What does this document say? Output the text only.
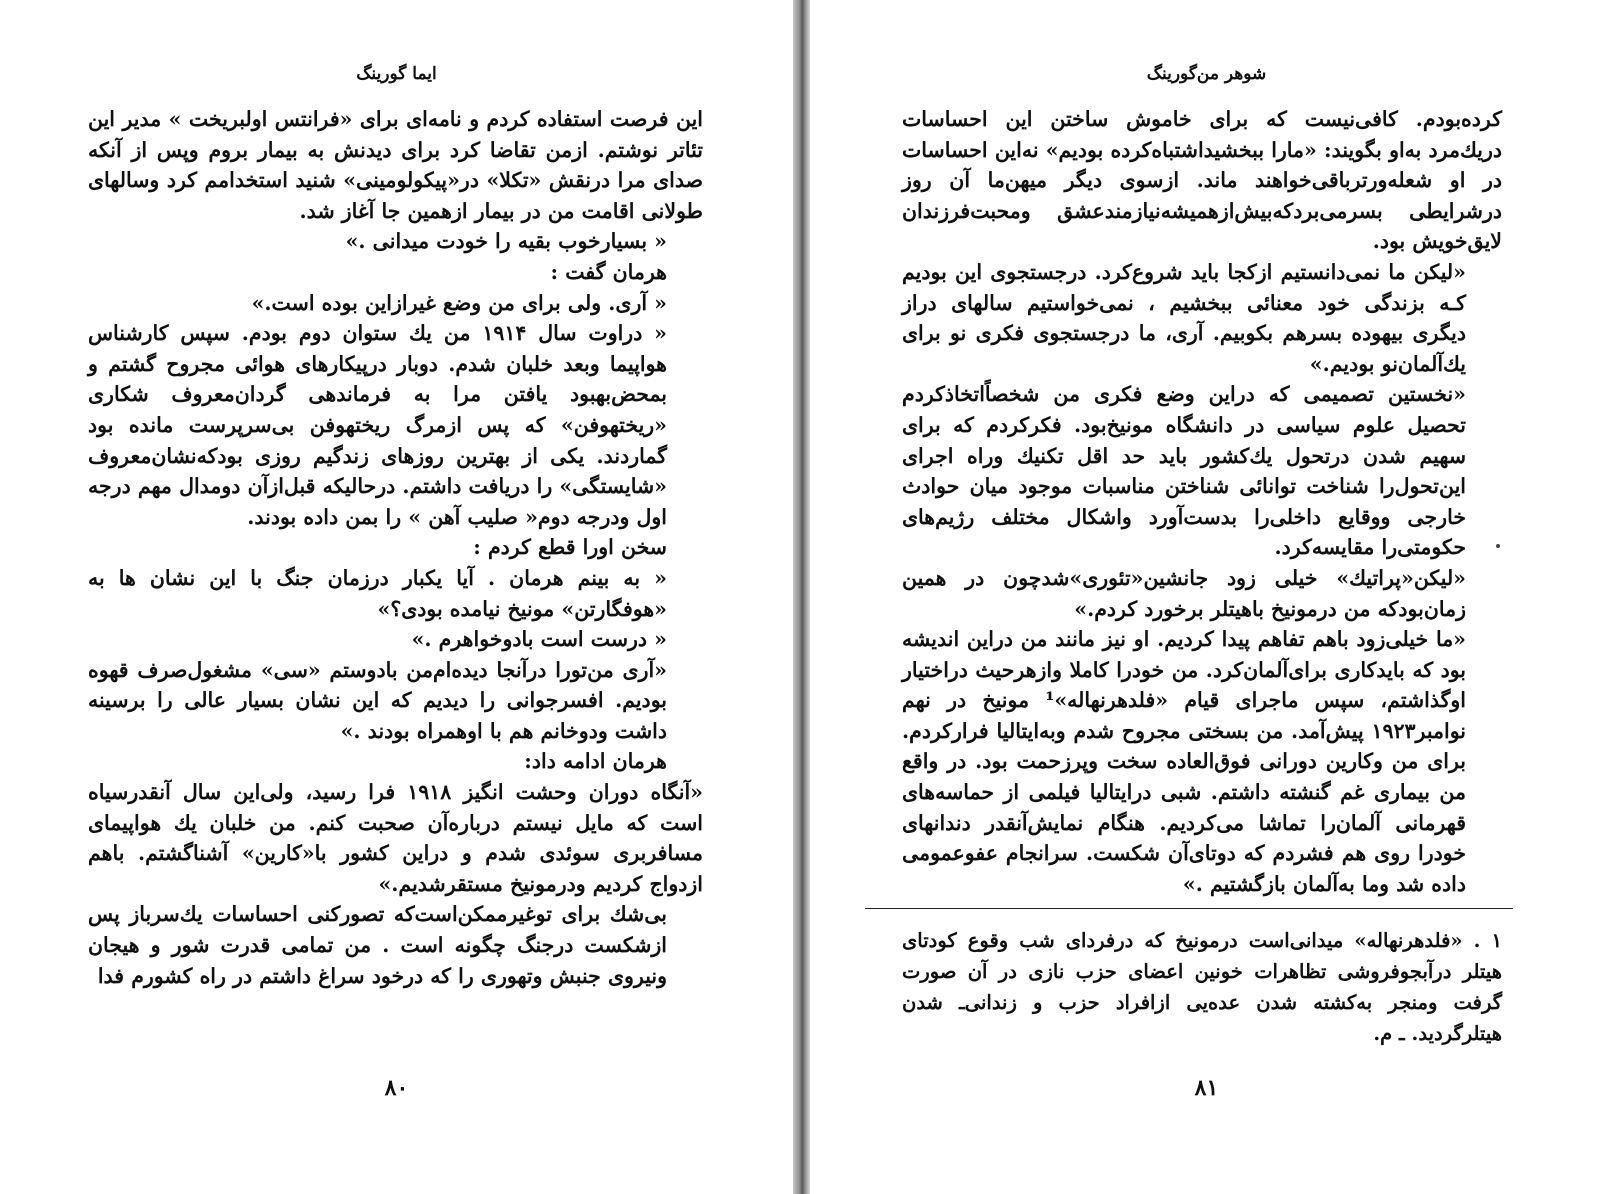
ایما گورینگ

این فرصت استفاده کردم و نامه‌ای برای «فرانتس اولبریخت » مدیر این تئاتر نوشتم. ازمن تقاضا کرد برای دیدنش به بیمار بروم وپس از آنکه صدای مرا درنقش «تکلا» در«پیکولومینی» شنید استخدامم کرد وسالهای طولانی اقامت من در بیمار ازهمین جا آغاز شد.

« بسیارخوب بقیه را خودت میدانی .»

هرمان گفت :

« آری. ولی برای من وضع غیرازاین بوده است.»

« دراوت سال ۱۹۱۴ من یك ستوان دوم بودم. سپس کارشناس هواپیما وبعد خلبان شدم. دوبار درپیکارهای هوائی مجروح گشتم و بمحض‌بهبود یافتن مرا به فرماندهی گردان‌معروف شکاری «ریختهوفن» که پس ازمرگ ریختهوفن بی‌سرپرست مانده بود گماردند. یکی از بهترین روزهای زندگیم روزی بودکه‌نشان‌معروف «شایستگی» را دریافت داشتم. درحالیکه قبل‌ازآن دومدال مهم درجه اول ودرجه دوم« صلیب آهن » را بمن داده بودند.

سخن اورا قطع کردم :

« به بینم هرمان . آیا یکبار درزمان جنگ با این نشان ها به «هوفگارتن» مونیخ نیامده بودی؟»

« درست است بادوخواهرم .»

«آری من‌تورا درآنجا دیده‌ام‌من بادوستم «سی» مشغول‌صرف قهوه بودیم. افسرجوانی را دیدیم که این نشان بسیار عالی را برسینه داشت ودوخانم هم با اوهمراه بودند .»

هرمان ادامه داد:

«آنگاه دوران وحشت انگیز ۱۹۱۸ فرا رسید، ولی‌این سال آنقدرسیاه است که مایل نیستم درباره‌آن صحبت کنم. من خلبان یك هواپیمای مسافربری سوئدی شدم و دراین کشور با«کارین» آشناگشتم. باهم ازدواج کردیم ودرمونیخ مستقرشدیم.»

بی‌شك برای توغیرممکن‌است‌که تصورکنی احساسات یك‌سرباز پس ازشکست درجنگ چگونه است . من تمامی قدرت شور و هیجان ونیروی جنبش وتهوری را که درخود سراغ داشتم در راه کشورم فدا

۸۰
شوهر من‌گورینگ

کرده‌بودم. کافی‌نیست که برای خاموش ساختن این احساسات دریك‌مرد به‌او بگویند: «مارا ببخشیداشتباه‌کرده بودیم» نه‌این احساسات در او شعله‌ورتر‌باقی‌خواهند ماند. ازسوی دیگر میهن‌ما آن روز درشرایطی بسر‌می‌بردکه‌بیش‌ازهمیشه‌نیازمندعشق ومحبت‌فرزندان لایق‌خویش بود.

«لیکن ما نمی‌دانستیم ازکجا باید شروع‌کرد. درجستجوی این بودیم کـه بزندگی خود معنائی ببخشیم ، نمی‌خواستیم سالهای دراز دیگری بیهوده بسرهم بکوبیم. آری، ما درجستجوی فکری نو برای یك‌آلمان‌نو بودیم.»

«نخستین تصمیمی که دراین وضع فکری من شخصاً‌اتخاذکردم تحصیل علوم سیاسی در دانشگاه مونیخ‌بود. فکرکردم که برای سهیم شدن درتحول یك‌کشور باید حد اقل تکنیك وراه اجرای این‌تحول‌را شناخت توانائی شناختن مناسبات موجود میان حوادث خارجی ووقایع داخلی‌را بدست‌آورد واشکال مختلف رژیم‌های حکومتی‌را مقایسه‌کرد.

«لیکن«پراتیك» خیلی زود جانشین«تئوری»شدچون در همین زمان‌بودکه من درمونیخ باهیتلر برخورد کردم.»

«ما خیلی‌زود باهم تفاهم پیدا کردیم. او نیز مانند من دراین اندیشه بود که بایدکاری برای‌آلمان‌کرد. من خودرا کاملا وازهرحیث دراختیار اوگذاشتم، سپس ماجرای قیام «فلدهرنهاله»¹ مونیخ در نهم نوامبر۱۹۲۳ پیش‌آمد. من بسختی مجروح شدم وبه‌ایتالیا فرارکردم. برای من وکارین دورانی فوق‌العاده سخت وپرزحمت بود. در واقع من بیماری غم گنشته داشتم. شبی درایتالیا فیلمی از حماسه‌های قهرمانی آلمان‌را تماشا می‌کردیم. هنگام نمایش‌آنقدر دندانهای خودرا روی هم فشردم که دوتای‌آن شکست. سرانجام عفوعمومی داده شد وما به‌آلمان بازگشتیم .»

۱ . «فلدهرنهاله» میدانی‌است درمونیخ که درفردای شب وقوع کودتای هیتلر درآبجوفروشی تظاهرات خونین اعضای حزب نازی در آن صورت گرفت ومنجر به‌کشته شدن عده‌یی ازافراد حزب و زندانی‌ـ شدن هیتلرگردید. ـ م.
۸۱
